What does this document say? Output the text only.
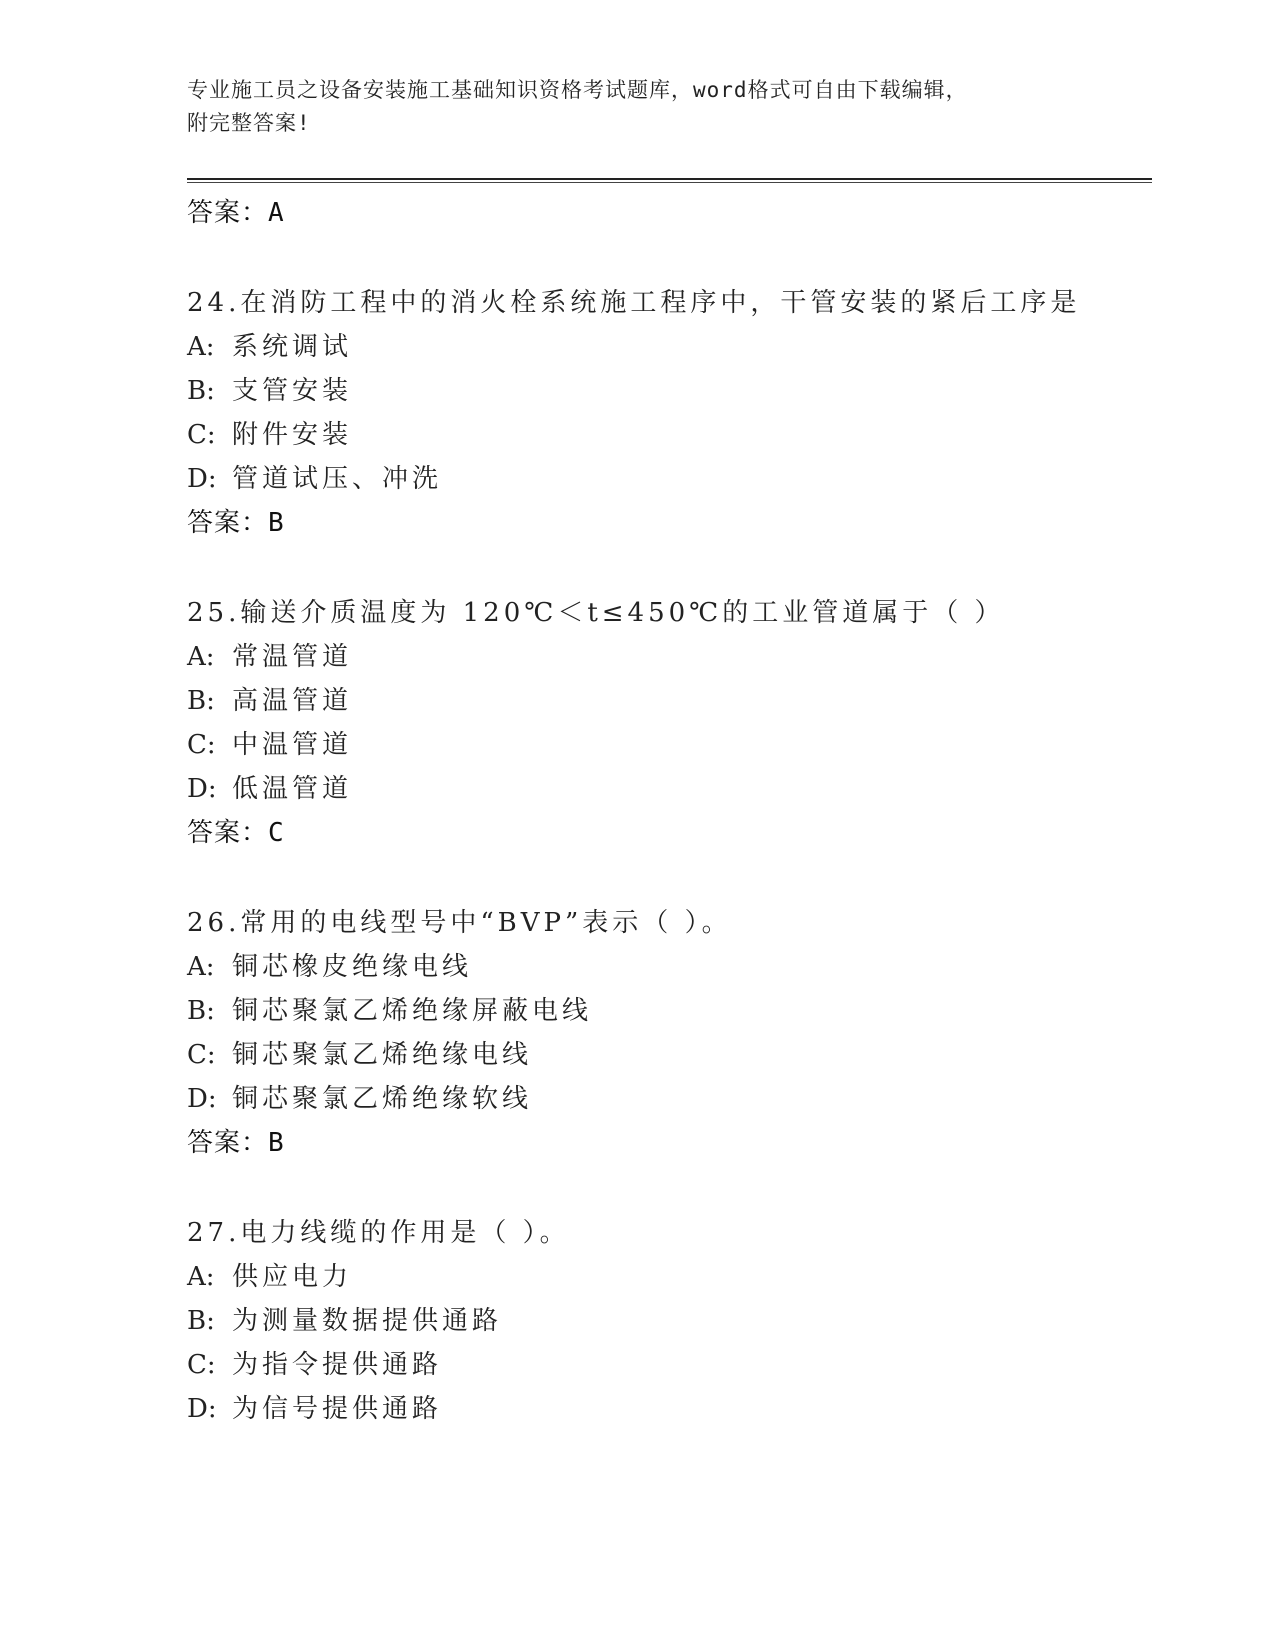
专业施工员之设备安装施工基础知识资格考试题库，word格式可自由下载编辑，
附完整答案!
答案：A
24.在消防工程中的消火栓系统施工程序中，干管安装的紧后工序是
A: 系统调试
B: 支管安装
C: 附件安装
D: 管道试压、冲洗
答案：B
25.输送介质温度为 120℃＜t≤450℃的工业管道属于（ ）
A: 常温管道
B: 高温管道
C: 中温管道
D: 低温管道
答案：C
26.常用的电线型号中“BVP”表示（ ）。
A: 铜芯橡皮绝缘电线
B: 铜芯聚氯乙烯绝缘屏蔽电线
C: 铜芯聚氯乙烯绝缘电线
D: 铜芯聚氯乙烯绝缘软线
答案：B
27.电力线缆的作用是（ ）。
A: 供应电力
B: 为测量数据提供通路
C: 为指令提供通路
D: 为信号提供通路
